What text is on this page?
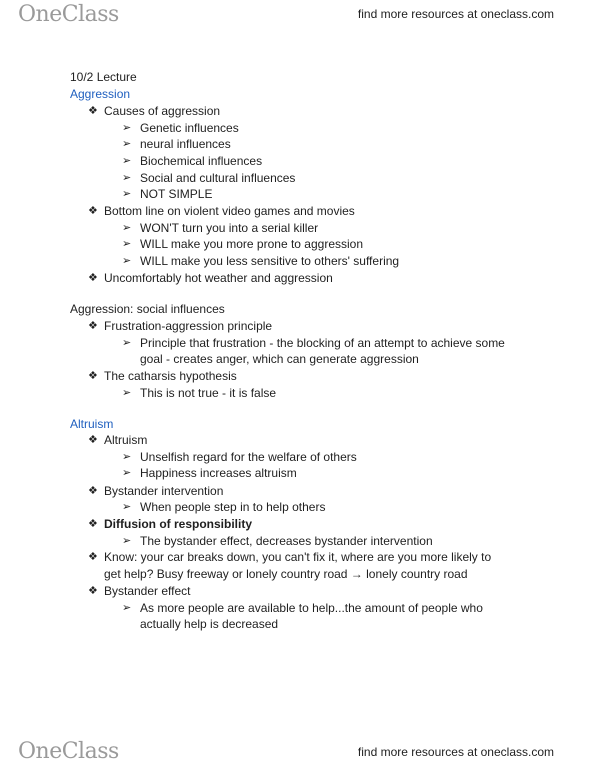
OneClass	find more resources at oneclass.com
10/2 Lecture
Aggression
❖ Causes of aggression
➢ Genetic influences
➢ neural influences
➢ Biochemical influences
➢ Social and cultural influences
➢ NOT SIMPLE
❖ Bottom line on violent video games and movies
➢ WON'T turn you into a serial killer
➢ WILL make you more prone to aggression
➢ WILL make you less sensitive to others' suffering
❖ Uncomfortably hot weather and aggression
Aggression: social influences
❖ Frustration-aggression principle
➢ Principle that frustration - the blocking of an attempt to achieve some
goal - creates anger, which can generate aggression
❖ The catharsis hypothesis
➢ This is not true - it is false
Altruism
❖ Altruism
➢ Unselfish regard for the welfare of others
➢ Happiness increases altruism
❖ Bystander intervention
➢ When people step in to help others
❖ Diffusion of responsibility
➢ The bystander effect, decreases bystander intervention
❖ Know: your car breaks down, you can't fix it, where are you more likely to
get help? Busy freeway or lonely country road → lonely country road
❖ Bystander effect
➢ As more people are available to help...the amount of people who
actually help is decreased
OneClass	find more resources at oneclass.com
